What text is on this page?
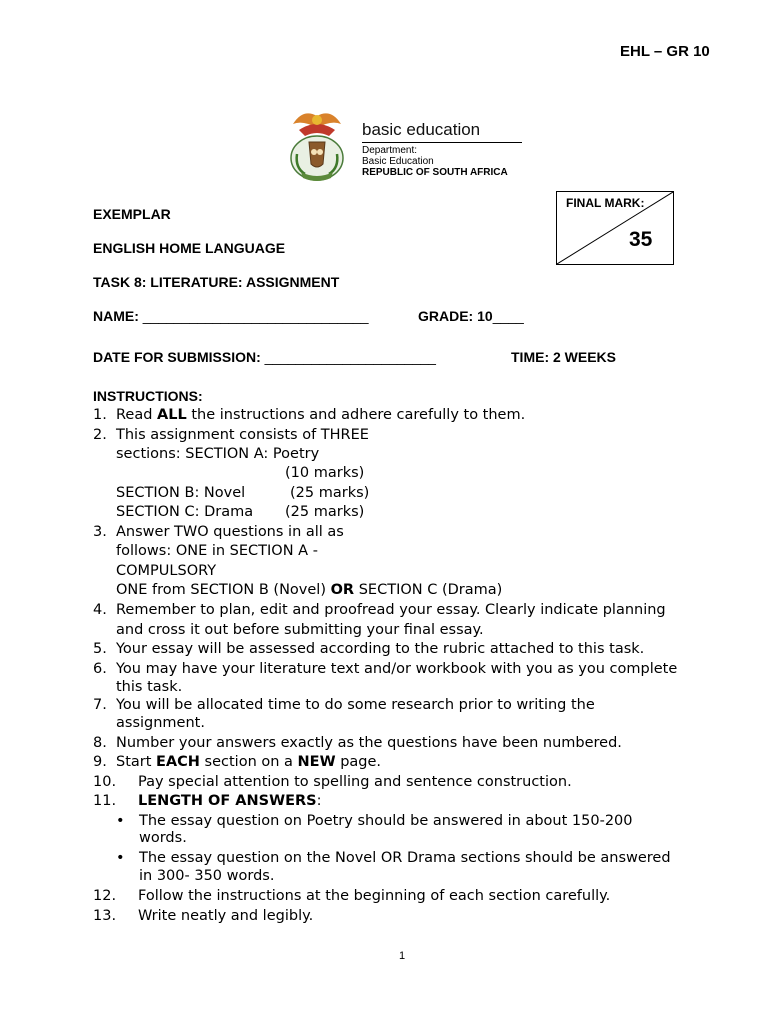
EHL – GR 10
basic education
Department:
Basic Education
REPUBLIC OF SOUTH AFRICA
FINAL MARK:
35
EXEMPLAR
ENGLISH HOME LANGUAGE
TASK 8: LITERATURE: ASSIGNMENT
NAME: _____________________________	GRADE: 10____
DATE FOR SUBMISSION: ______________________	TIME: 2 WEEKS
INSTRUCTIONS:
1. Read ALL the instructions and adhere carefully to them.
2. This assignment consists of THREE
sections: SECTION A: Poetry
(10 marks)
SECTION B: Novel	(25 marks)
SECTION C: Drama (25 marks)
3. Answer TWO questions in all as
follows: ONE in SECTION A -
COMPULSORY
ONE from SECTION B (Novel) OR SECTION C (Drama)
4. Remember to plan, edit and proofread your essay. Clearly indicate planning
and cross it out before submitting your final essay.
5. Your essay will be assessed according to the rubric attached to this task.
6. You may have your literature text and/or workbook with you as you complete
this task.
7. You will be allocated time to do some research prior to writing the
assignment.
8. Number your answers exactly as the questions have been numbered.
9. Start EACH section on a NEW page.
10. Pay special attention to spelling and sentence construction.
11. LENGTH OF ANSWERS:
• The essay question on Poetry should be answered in about 150-200
words.
• The essay question on the Novel OR Drama sections should be answered
in 300- 350 words.
12. Follow the instructions at the beginning of each section carefully.
13. Write neatly and legibly.
1
